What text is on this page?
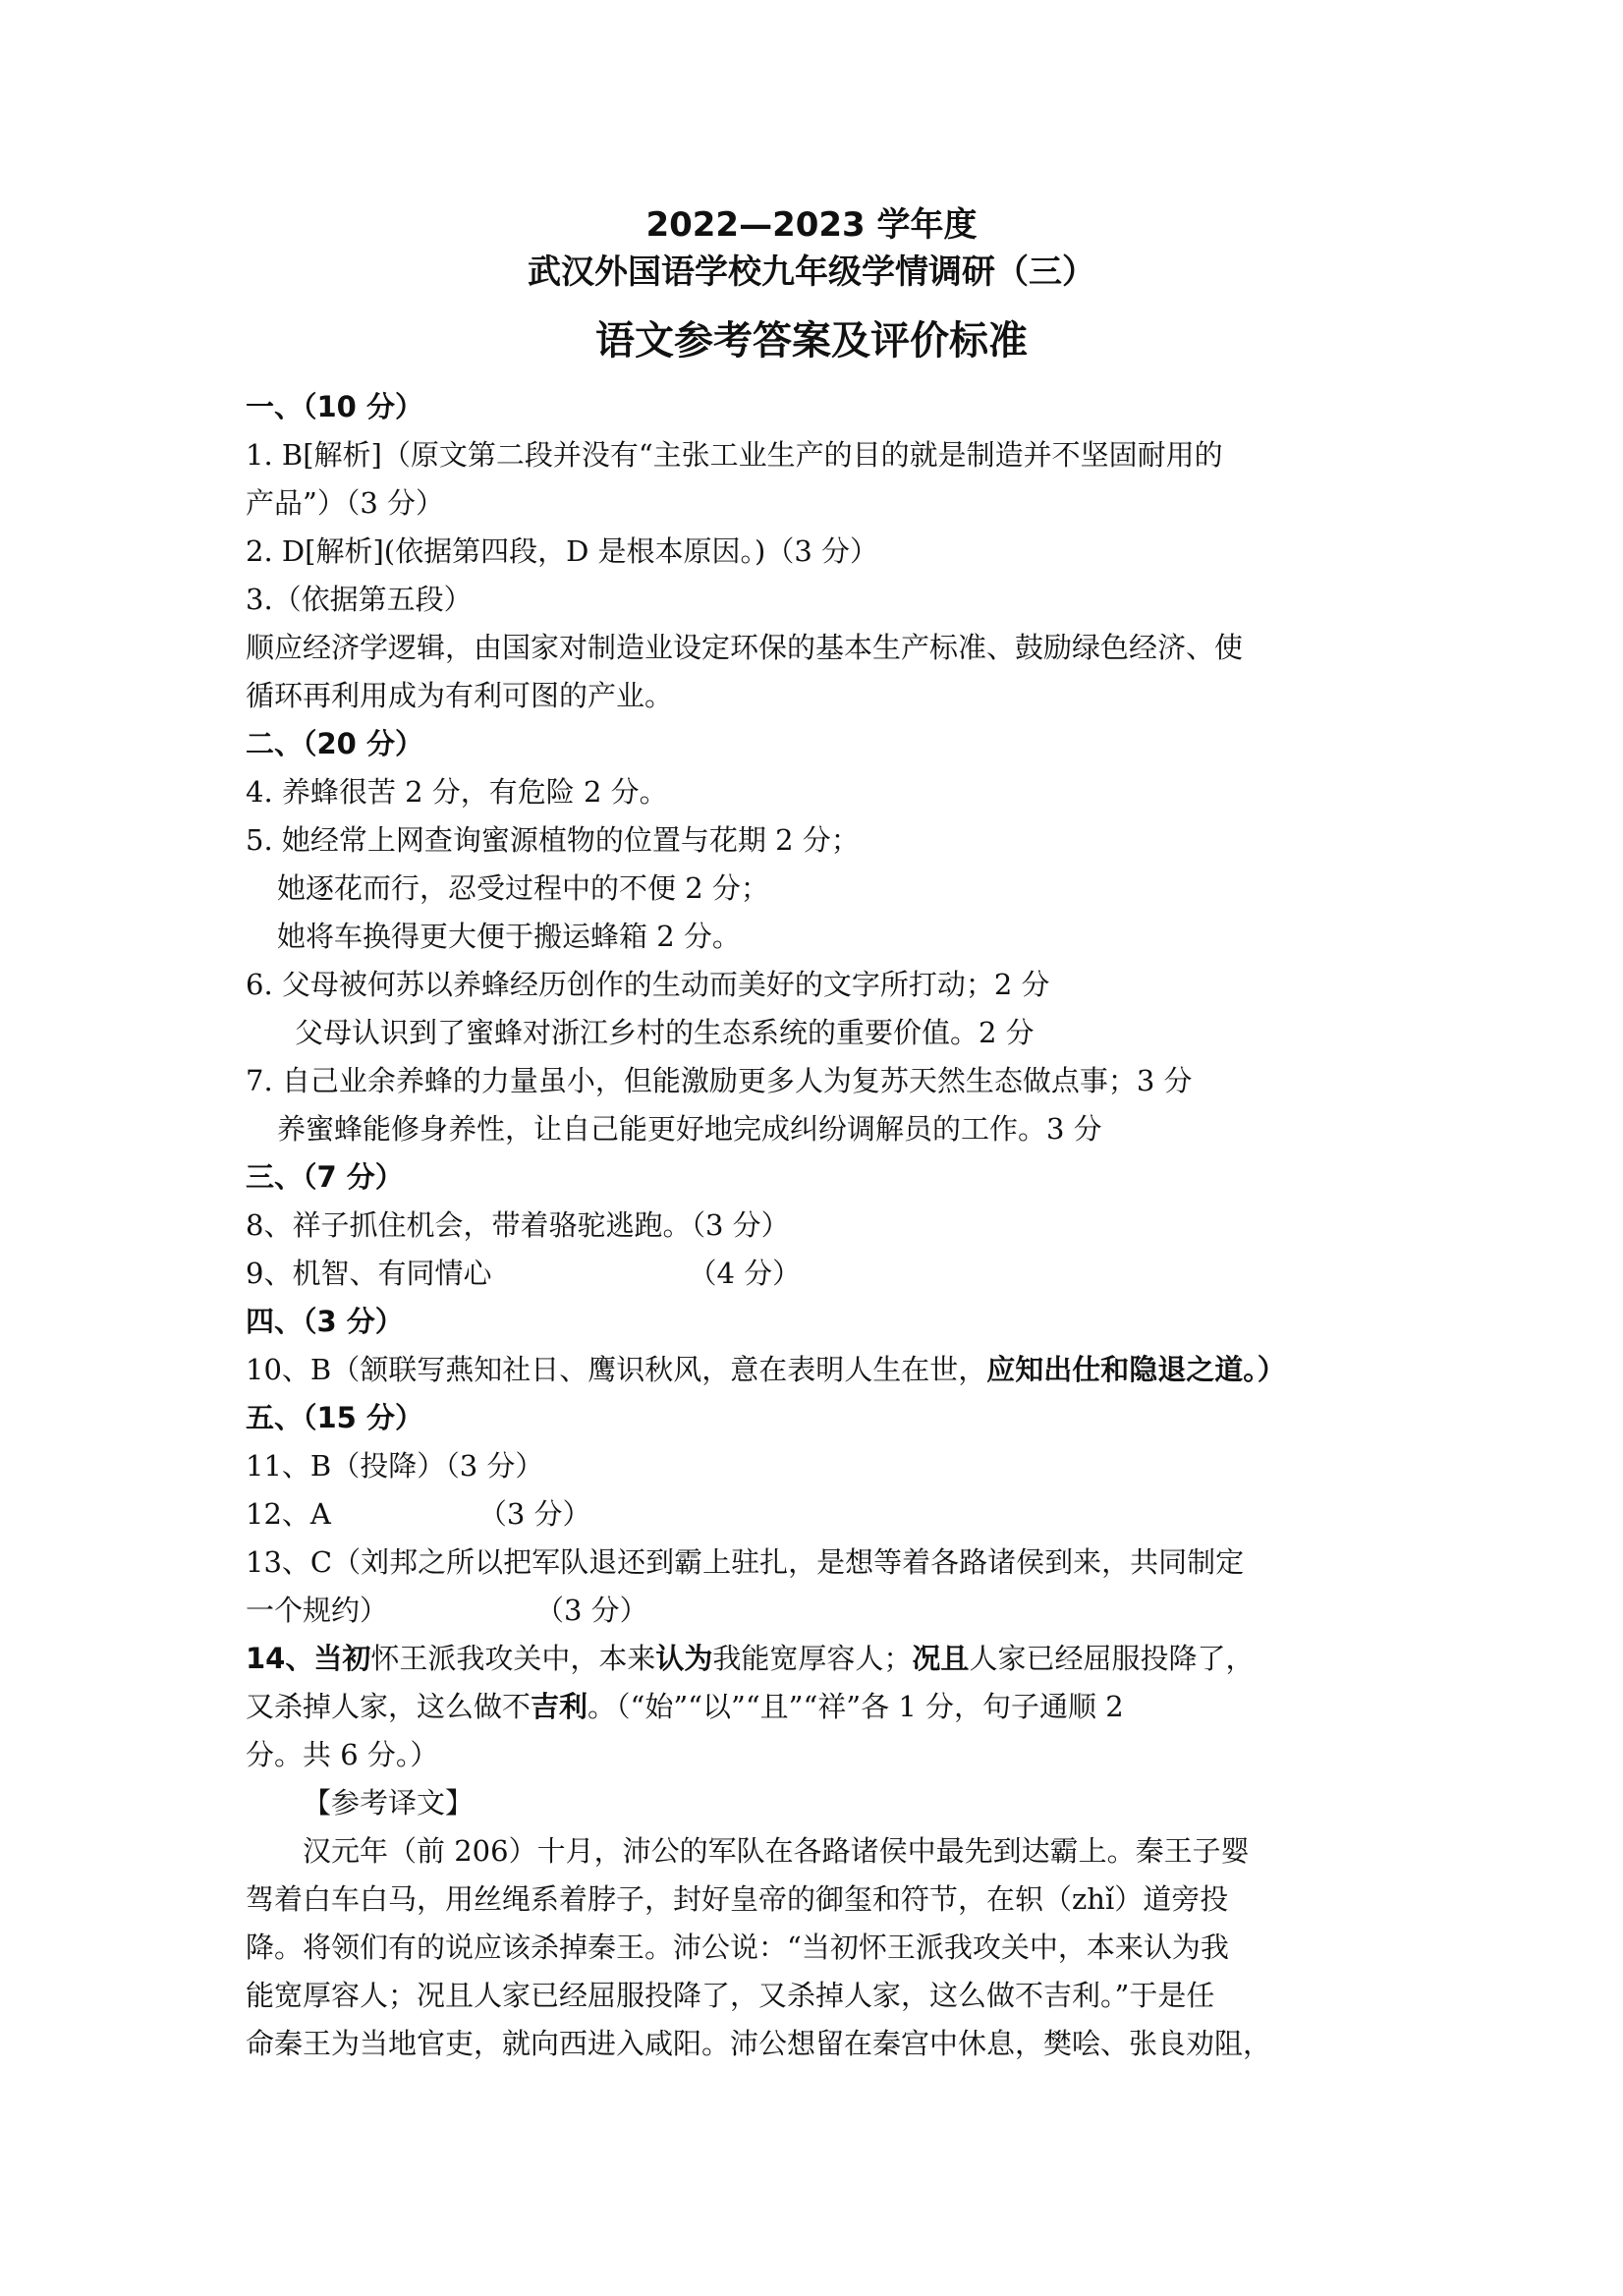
2022—2023 学年度
武汉外国语学校九年级学情调研（三）
语文参考答案及评价标准

一、（10 分）

1. B[解析]（原文第二段并没有“主张工业生产的目的就是制造并不坚固耐用的

产品”）（3 分）

2. D[解析](依据第四段，D 是根本原因。)（3 分）

3.（依据第五段）

顺应经济学逻辑，由国家对制造业设定环保的基本生产标准、鼓励绿色经济、使

循环再利用成为有利可图的产业。

二、（20 分）

4. 养蜂很苦 2 分，有危险 2 分。

5. 她经常上网查询蜜源植物的位置与花期 2 分；

她逐花而行，忍受过程中的不便 2 分；

她将车换得更大便于搬运蜂箱 2 分。

6. 父母被何苏以养蜂经历创作的生动而美好的文字所打动；2 分

父母认识到了蜜蜂对浙江乡村的生态系统的重要价值。2 分

7. 自己业余养蜂的力量虽小，但能激励更多人为复苏天然生态做点事；3 分

养蜜蜂能修身养性，让自己能更好地完成纠纷调解员的工作。3 分

三、（7 分）

8、祥子抓住机会，带着骆驼逃跑。（3 分）

9、机智、有同情心	（4 分）

四、（3 分）

10、B（颔联写燕知社日、鹰识秋风，意在表明人生在世，应知出仕和隐退之道。）

五、（15 分）

11、B（投降）（3 分）

12、A	（3 分）

13、C（刘邦之所以把军队退还到霸上驻扎，是想等着各路诸侯到来，共同制定

一个规约）	（3 分）

14、当初怀王派我攻关中，本来认为我能宽厚容人；况且人家已经屈服投降了，

又杀掉人家，这么做不吉利。（“始”“以”“且”“祥”各 1 分，句子通顺 2

分。共 6 分。）

【参考译文】

汉元年（前 206）十月，沛公的军队在各路诸侯中最先到达霸上。秦王子婴

驾着白车白马，用丝绳系着脖子，封好皇帝的御玺和符节，在轵（zhǐ）道旁投

降。将领们有的说应该杀掉秦王。沛公说：“当初怀王派我攻关中，本来认为我

能宽厚容人；况且人家已经屈服投降了，又杀掉人家，这么做不吉利。”于是任

命秦王为当地官吏，就向西进入咸阳。沛公想留在秦宫中休息，樊哙、张良劝阻，
